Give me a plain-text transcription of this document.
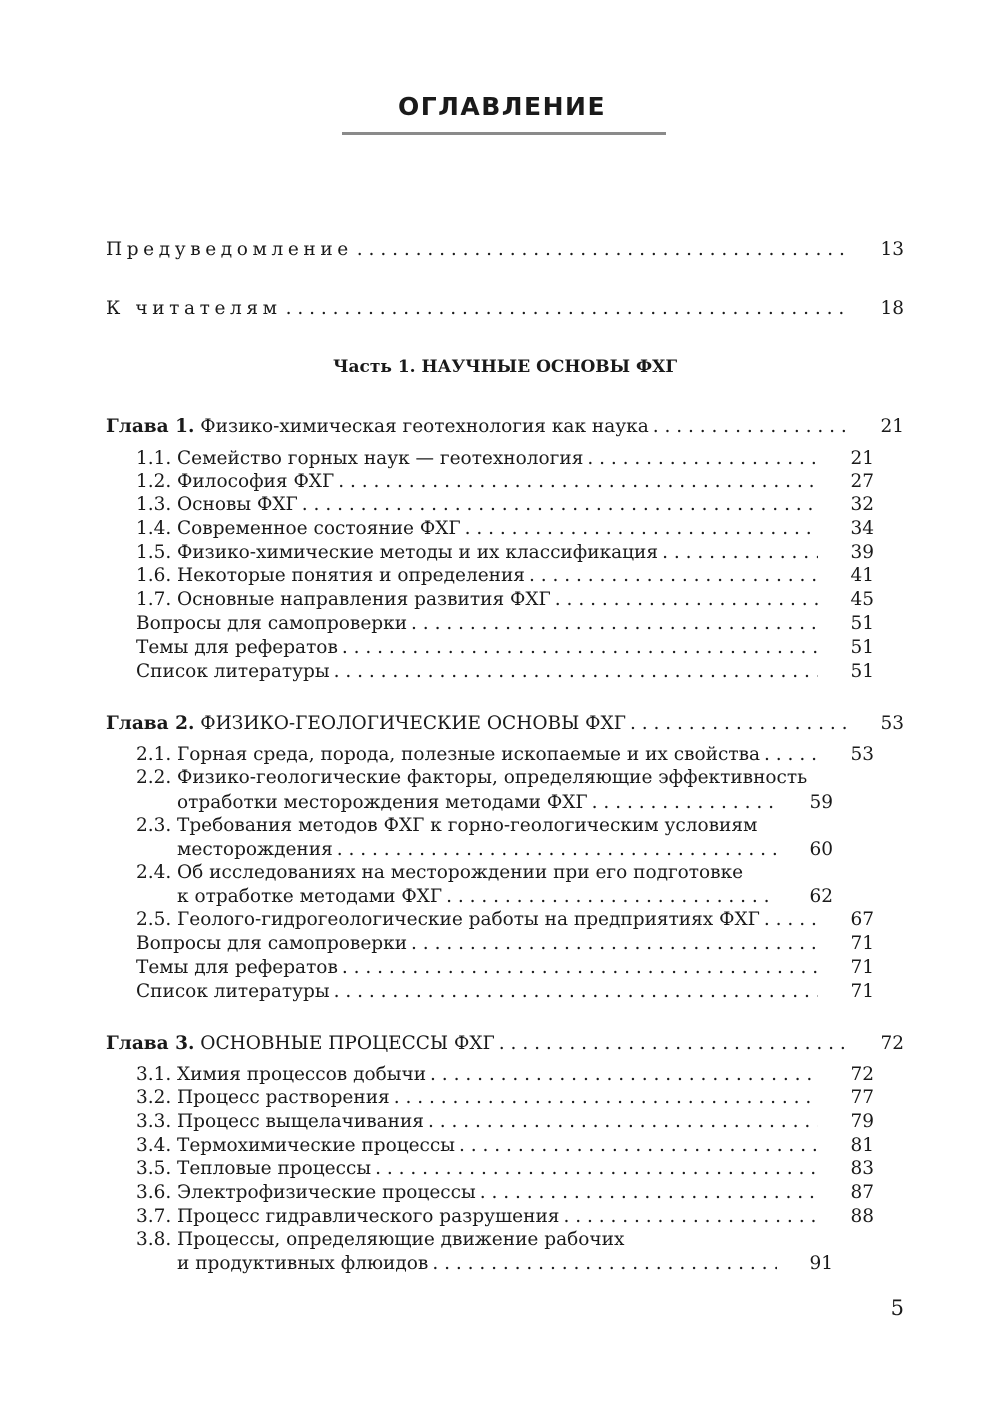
ОГЛАВЛЕНИЕ
Предуведомление . . .	13
К читателям . . .	18
Часть 1. НАУЧНЫЕ ОСНОВЫ ФХГ
Глава 1. Физико-химическая геотехнология как наука . . .	21
1.1. Семейство горных наук — геотехнология . . .	21
1.2. Философия ФХГ . . .	27
1.3. Основы ФХГ . . .	32
1.4. Современное состояние ФХГ . . .	34
1.5. Физико-химические методы и их классификация . . .	39
1.6. Некоторые понятия и определения . . .	41
1.7. Основные направления развития ФХГ . . .	45
Вопросы для самопроверки . . .	51
Темы для рефератов . . .	51
Список литературы . . .	51
Глава 2. ФИЗИКО-ГЕОЛОГИЧЕСКИЕ ОСНОВЫ ФХГ . . .	53
2.1. Горная среда, порода, полезные ископаемые и их свойства . . .	53
2.2. Физико-геологические факторы, определяющие эффективность
отработки месторождения методами ФХГ . . .	59
2.3. Требования методов ФХГ к горно-геологическим условиям
месторождения . . .	60
2.4. Об исследованиях на месторождении при его подготовке
к отработке методами ФХГ . . .	62
2.5. Геолого-гидрогеологические работы на предприятиях ФХГ . . .	67
Вопросы для самопроверки . . .	71
Темы для рефератов . . .	71
Список литературы . . .	71
Глава 3. ОСНОВНЫЕ ПРОЦЕССЫ ФХГ . . .	72
3.1. Химия процессов добычи . . .	72
3.2. Процесс растворения . . .	77
3.3. Процесс выщелачивания . . .	79
3.4. Термохимические процессы . . .	81
3.5. Тепловые процессы . . .	83
3.6. Электрофизические процессы . . .	87
3.7. Процесс гидравлического разрушения . . .	88
3.8. Процессы, определяющие движение рабочих
и продуктивных флюидов . . .	91
5
